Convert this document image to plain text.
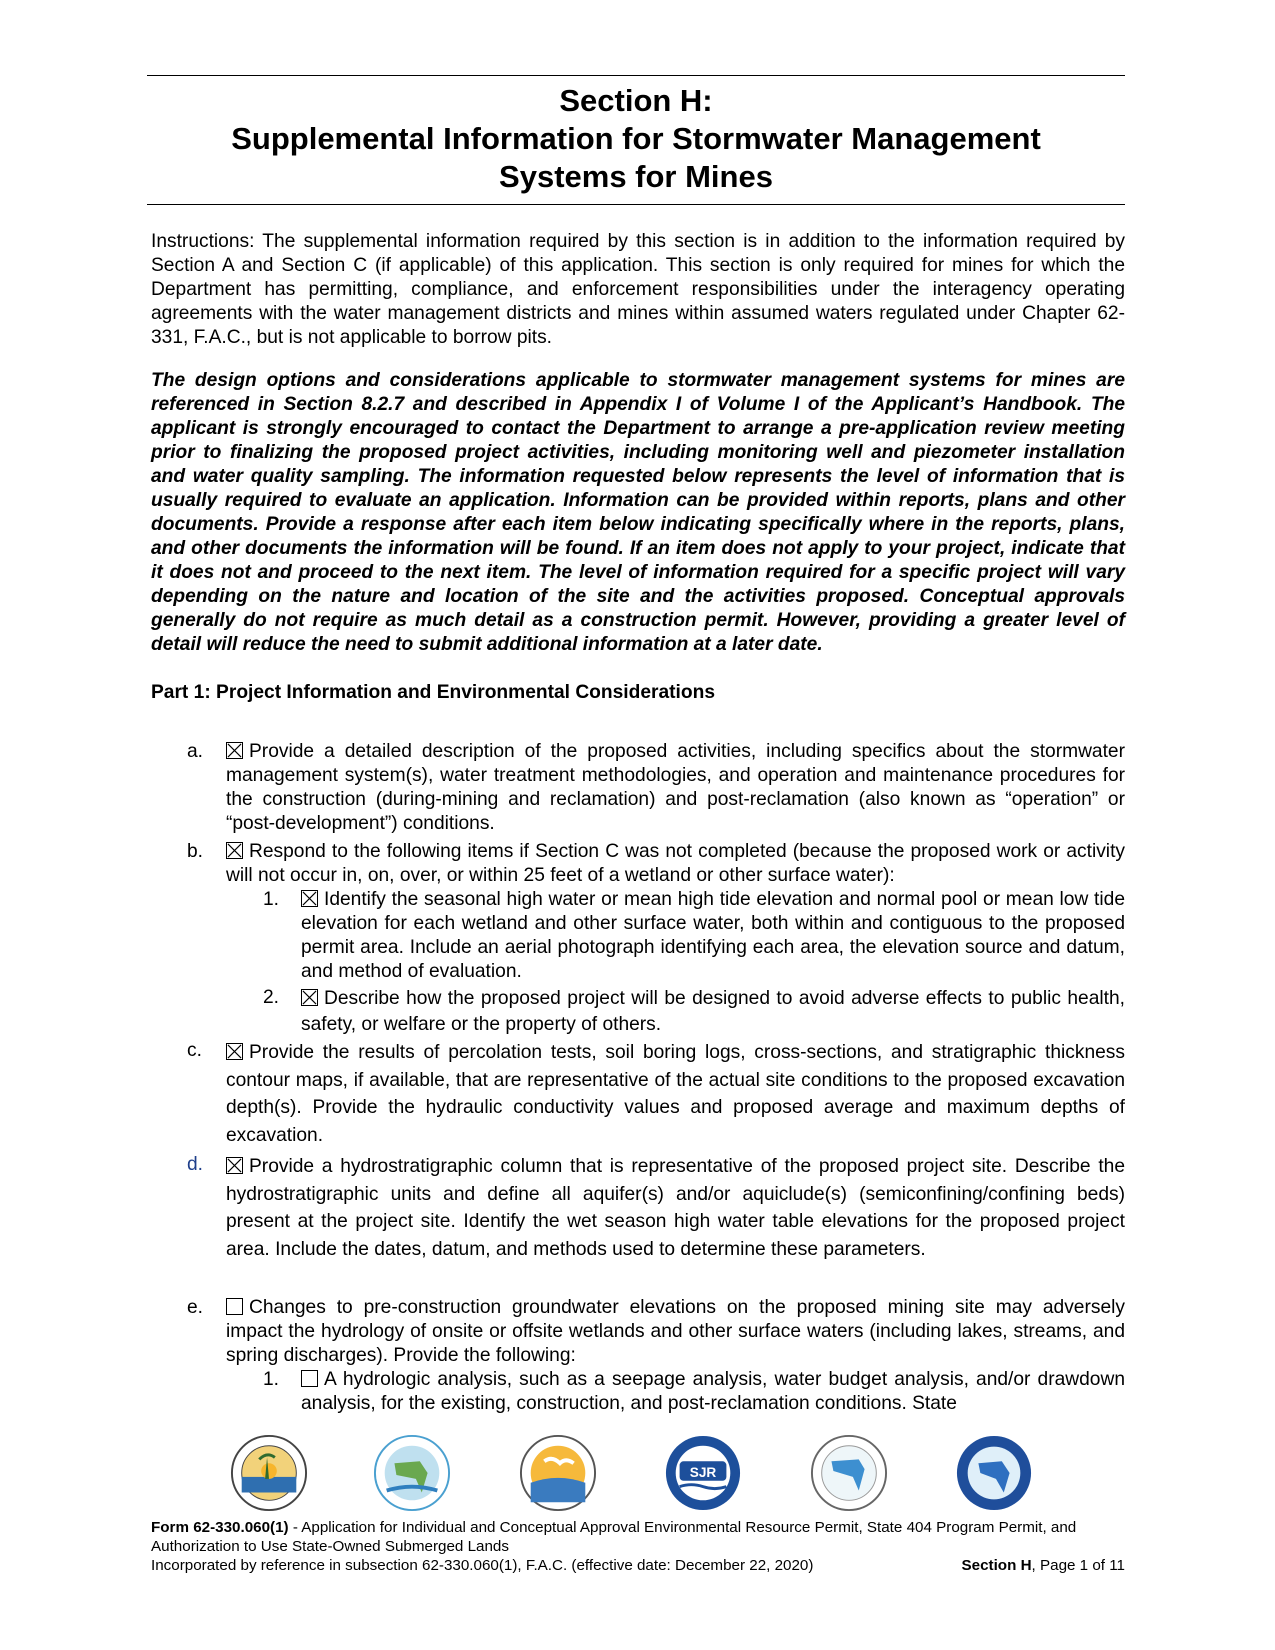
Section H:
Supplemental Information for Stormwater Management
Systems for Mines
Instructions: The supplemental information required by this section is in addition to the information required by Section A and Section C (if applicable) of this application. This section is only required for mines for which the Department has permitting, compliance, and enforcement responsibilities under the interagency operating agreements with the water management districts and mines within assumed waters regulated under Chapter 62-331, F.A.C., but is not applicable to borrow pits.
The design options and considerations applicable to stormwater management systems for mines are referenced in Section 8.2.7 and described in Appendix I of Volume I of the Applicant’s Handbook. The applicant is strongly encouraged to contact the Department to arrange a pre-application review meeting prior to finalizing the proposed project activities, including monitoring well and piezometer installation and water quality sampling. The information requested below represents the level of information that is usually required to evaluate an application. Information can be provided within reports, plans and other documents. Provide a response after each item below indicating specifically where in the reports, plans, and other documents the information will be found. If an item does not apply to your project, indicate that it does not and proceed to the next item. The level of information required for a specific project will vary depending on the nature and location of the site and the activities proposed. Conceptual approvals generally do not require as much detail as a construction permit. However, providing a greater level of detail will reduce the need to submit additional information at a later date.
Part 1: Project Information and Environmental Considerations
a.	Provide a detailed description of the proposed activities, including specifics about the stormwater management system(s), water treatment methodologies, and operation and maintenance procedures for the construction (during-mining and reclamation) and post-reclamation (also known as “operation” or “post-development”) conditions.
b.	Respond to the following items if Section C was not completed (because the proposed work or activity will not occur in, on, over, or within 25 feet of a wetland or other surface water):
1.	Identify the seasonal high water or mean high tide elevation and normal pool or mean low tide elevation for each wetland and other surface water, both within and contiguous to the proposed permit area. Include an aerial photograph identifying each area, the elevation source and datum, and method of evaluation.
2.	Describe how the proposed project will be designed to avoid adverse effects to public health, safety, or welfare or the property of others.
c.	Provide the results of percolation tests, soil boring logs, cross-sections, and stratigraphic thickness contour maps, if available, that are representative of the actual site conditions to the proposed excavation depth(s). Provide the hydraulic conductivity values and proposed average and maximum depths of excavation.
d.	Provide a hydrostratigraphic column that is representative of the proposed project site. Describe the hydrostratigraphic units and define all aquifer(s) and/or aquiclude(s) (semiconfining/confining beds) present at the project site. Identify the wet season high water table elevations for the proposed project area. Include the dates, datum, and methods used to determine these parameters.
e.	Changes to pre-construction groundwater elevations on the proposed mining site may adversely impact the hydrology of onsite or offsite wetlands and other surface waters (including lakes, streams, and spring discharges). Provide the following:
1.	A hydrologic analysis, such as a seepage analysis, water budget analysis, and/or drawdown analysis, for the existing, construction, and post-reclamation conditions. State
SJR
Form 62-330.060(1) - Application for Individual and Conceptual Approval Environmental Resource Permit, State 404 Program Permit, and Authorization to Use State-Owned Submerged Lands
Incorporated by reference in subsection 62-330.060(1), F.A.C. (effective date: December 22, 2020)	Section H, Page 1 of 11
